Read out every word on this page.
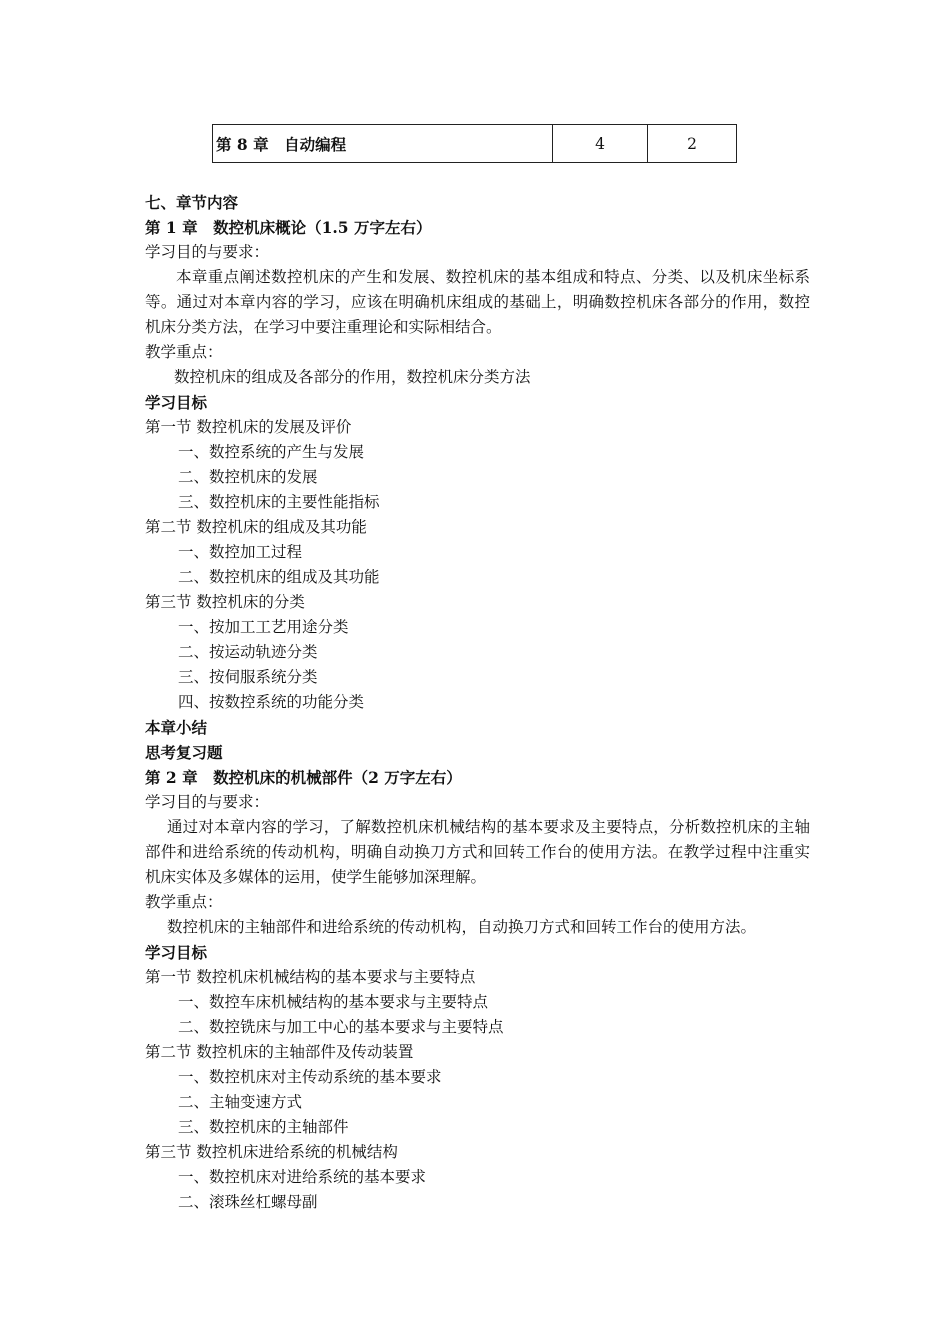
第 8 章　自动编程	4	2
七、章节内容
第 1 章　数控机床概论（1.5 万字左右）
学习目的与要求：

本章重点阐述数控机床的产生和发展、数控机床的基本组成和特点、分类、以及机床坐标系等。通过对本章内容的学习，应该在明确机床组成的基础上，明确数控机床各部分的作用，数控机床分类方法，在学习中要注重理论和实际相结合。

教学重点：
数控机床的组成及各部分的作用，数控机床分类方法
学习目标
第一节 数控机床的发展及评价
一、数控系统的产生与发展
二、数控机床的发展
三、数控机床的主要性能指标
第二节 数控机床的组成及其功能
一、数控加工过程
二、数控机床的组成及其功能
第三节 数控机床的分类
一、按加工工艺用途分类
二、按运动轨迹分类
三、按伺服系统分类
四、按数控系统的功能分类
本章小结
思考复习题
第 2 章　数控机床的机械部件（2 万字左右）
学习目的与要求：

通过对本章内容的学习，了解数控机床机械结构的基本要求及主要特点，分析数控机床的主轴部件和进给系统的传动机构，明确自动换刀方式和回转工作台的使用方法。在教学过程中注重实机床实体及多媒体的运用，使学生能够加深理解。

教学重点：
数控机床的主轴部件和进给系统的传动机构，自动换刀方式和回转工作台的使用方法。
学习目标
第一节 数控机床机械结构的基本要求与主要特点
一、数控车床机械结构的基本要求与主要特点
二、数控铣床与加工中心的基本要求与主要特点
第二节 数控机床的主轴部件及传动装置
一、数控机床对主传动系统的基本要求
二、主轴变速方式
三、数控机床的主轴部件
第三节 数控机床进给系统的机械结构
一、数控机床对进给系统的基本要求
二、滚珠丝杠螺母副
